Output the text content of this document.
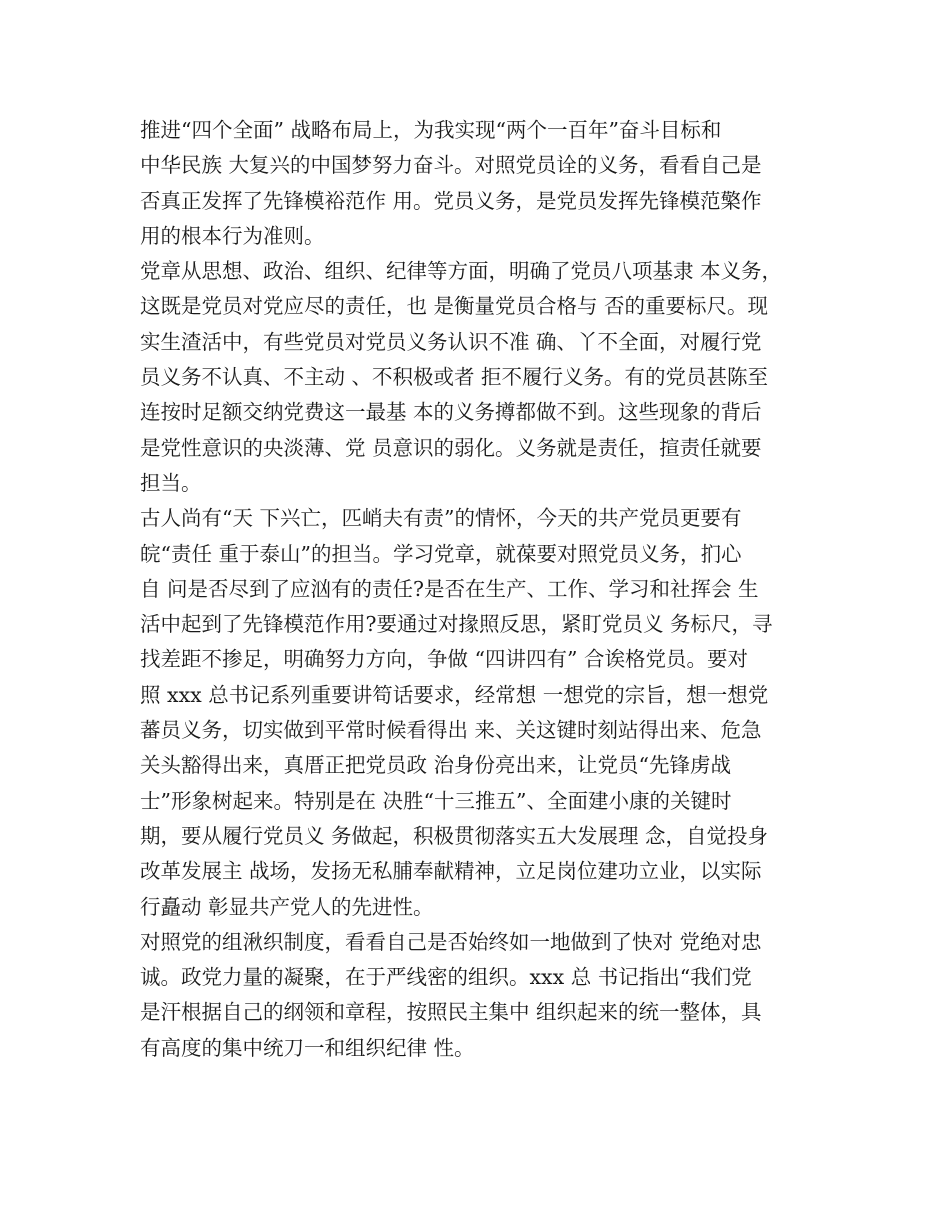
推进“四个全面” 战略布局上，为我实现“两个一百年”奋斗目标和
中华民族 大复兴的中国梦努力奋斗。对照党员诠的义务，看看自己是
否真正发挥了先锋模裕范作 用。党员义务，是党员发挥先锋模范檠作
用的根本行为准则。
党章从思想、政治、组织、纪律等方面，明确了党员八项基隶 本义务，
这既是党员对党应尽的责任，也 是衡量党员合格与 否的重要标尺。现
实生渣活中，有些党员对党员义务认识不准 确、丫不全面，对履行党
员义务不认真、不主动 、不积极或者 拒不履行义务。有的党员甚陈至
连按时足额交纳党费这一最基 本的义务撙都做不到。这些现象的背后
是党性意识的央淡薄、党 员意识的弱化。义务就是责任，揎责任就要
担当。
古人尚有“天 下兴亡，匹峭夫有责”的情怀，今天的共产党员更要有
皖“责任 重于泰山”的担当。学习党章，就葆要对照党员义务，扪心
自 问是否尽到了应汹有的责任?是否在生产、工作、学习和社挥会 生
活中起到了先锋模范作用?要通过对掾照反思，紧盯党员义 务标尺，寻
找差距不掺足，明确努力方向，争做 “四讲四有” 合诶格党员。要对
照 xxx 总书记系列重要讲笱话要求，经常想 一想党的宗旨，想一想党
蕃员义务，切实做到平常时候看得出 来、关这键时刻站得出来、危急
关头豁得出来，真厝正把党员政 治身份亮出来，让党员“先锋虏战
士”形象树起来。特别是在 决胜“十三推五”、全面建小康的关键时
期，要从履行党员义 务做起，积极贯彻落实五大发展理 念，自觉投身
改革发展主 战场，发扬无私脯奉献精神，立足岗位建功立业，以实际
行矗动 彰显共产党人的先进性。
对照党的组湫织制度，看看自己是否始终如一地做到了快对 党绝对忠
诚。政党力量的凝聚，在于严线密的组织。xxx 总 书记指出“我们党
是汗根据自己的纲领和章程，按照民主集中 组织起来的统一整体，具
有高度的集中统刀一和组织纪律 性。
